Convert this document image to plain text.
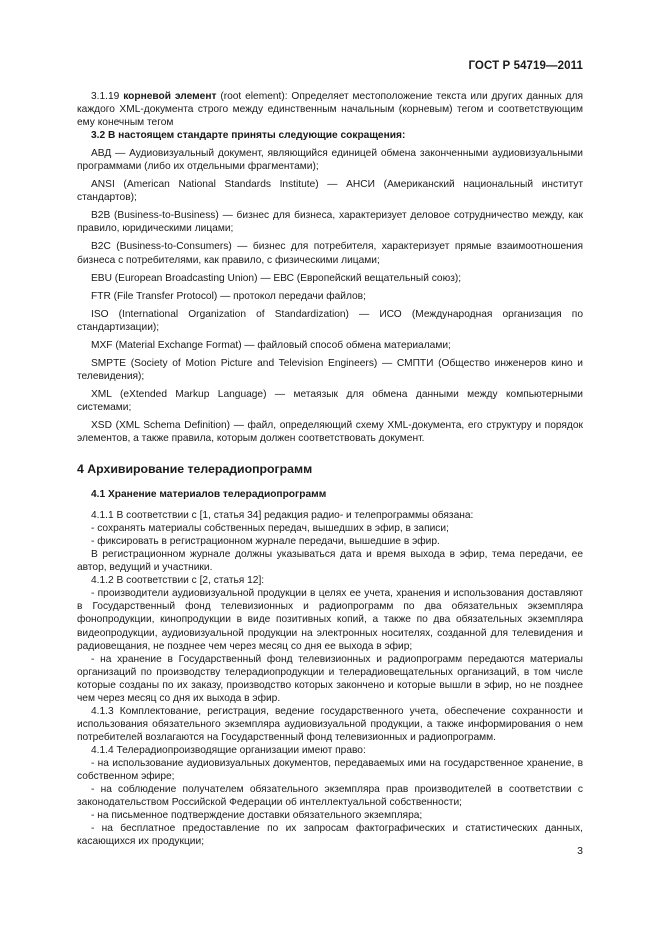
ГОСТ Р 54719—2011

3.1.19 корневой элемент (root element): Определяет местоположение текста или других данных для каждого XML-документа строго между единственным начальным (корневым) тегом и соответствующим ему конечным тегом

3.2 В настоящем стандарте приняты следующие сокращения:

АВД — Аудиовизуальный документ, являющийся единицей обмена законченными аудиовизуальными программами (либо их отдельными фрагментами);

ANSI (American National Standards Institute) — АНСИ (Американский национальный институт стандартов);

B2B (Business-to-Business) — бизнес для бизнеса, характеризует деловое сотрудничество между, как правило, юридическими лицами;

B2C (Business-to-Consumers) — бизнес для потребителя, характеризует прямые взаимоотношения бизнеса с потребителями, как правило, с физическими лицами;

EBU (European Broadcasting Union) — ЕВС (Европейский вещательный союз);

FTR (File Transfer Protocol) — протокол передачи файлов;

ISO (International Organization of Standardization) — ИСО (Международная организация по стандартизации);

MXF (Material Exchange Format) — файловый способ обмена материалами;

SMPTE (Society of Motion Picture and Television Engineers) — СМПТИ (Общество инженеров кино и телевидения);

XML (eXtended Markup Language) — метаязык для обмена данными между компьютерными системами;

XSD (XML Schema Definition) — файл, определяющий схему XML-документа, его структуру и порядок элементов, а также правила, которым должен соответствовать документ.

4 Архивирование телерадиопрограмм
4.1 Хранение материалов телерадиопрограмм

4.1.1 В соответствии с [1, статья 34] редакция радио- и телепрограммы обязана:

- сохранять материалы собственных передач, вышедших в эфир, в записи;

- фиксировать в регистрационном журнале передачи, вышедшие в эфир.

В регистрационном журнале должны указываться дата и время выхода в эфир, тема передачи, ее автор, ведущий и участники.

4.1.2 В соответствии с [2, статья 12]:

- производители аудиовизуальной продукции в целях ее учета, хранения и использования доставляют в Государственный фонд телевизионных и радиопрограмм по два обязательных экземпляра фонопродукции, кинопродукции в виде позитивных копий, а также по два обязательных экземпляра видеопродукции, аудиовизуальной продукции на электронных носителях, созданной для телевидения и радиовещания, не позднее чем через месяц со дня ее выхода в эфир;

- на хранение в Государственный фонд телевизионных и радиопрограмм передаются материалы организаций по производству телерадиопродукции и телерадиовещательных организаций, в том числе которые созданы по их заказу, производство которых закончено и которые вышли в эфир, но не позднее чем через месяц со дня их выхода в эфир.

4.1.3 Комплектование, регистрация, ведение государственного учета, обеспечение сохранности и использования обязательного экземпляра аудиовизуальной продукции, а также информирования о нем потребителей возлагаются на Государственный фонд телевизионных и радиопрограмм.

4.1.4 Телерадиопроизводящие организации имеют право:

- на использование аудиовизуальных документов, передаваемых ими на государственное хранение, в собственном эфире;

- на соблюдение получателем обязательного экземпляра прав производителей в соответствии с законодательством Российской Федерации об интеллектуальной собственности;

- на письменное подтверждение доставки обязательного экземпляра;

- на бесплатное предоставление по их запросам фактографических и статистических данных, касающихся их продукции;

3
